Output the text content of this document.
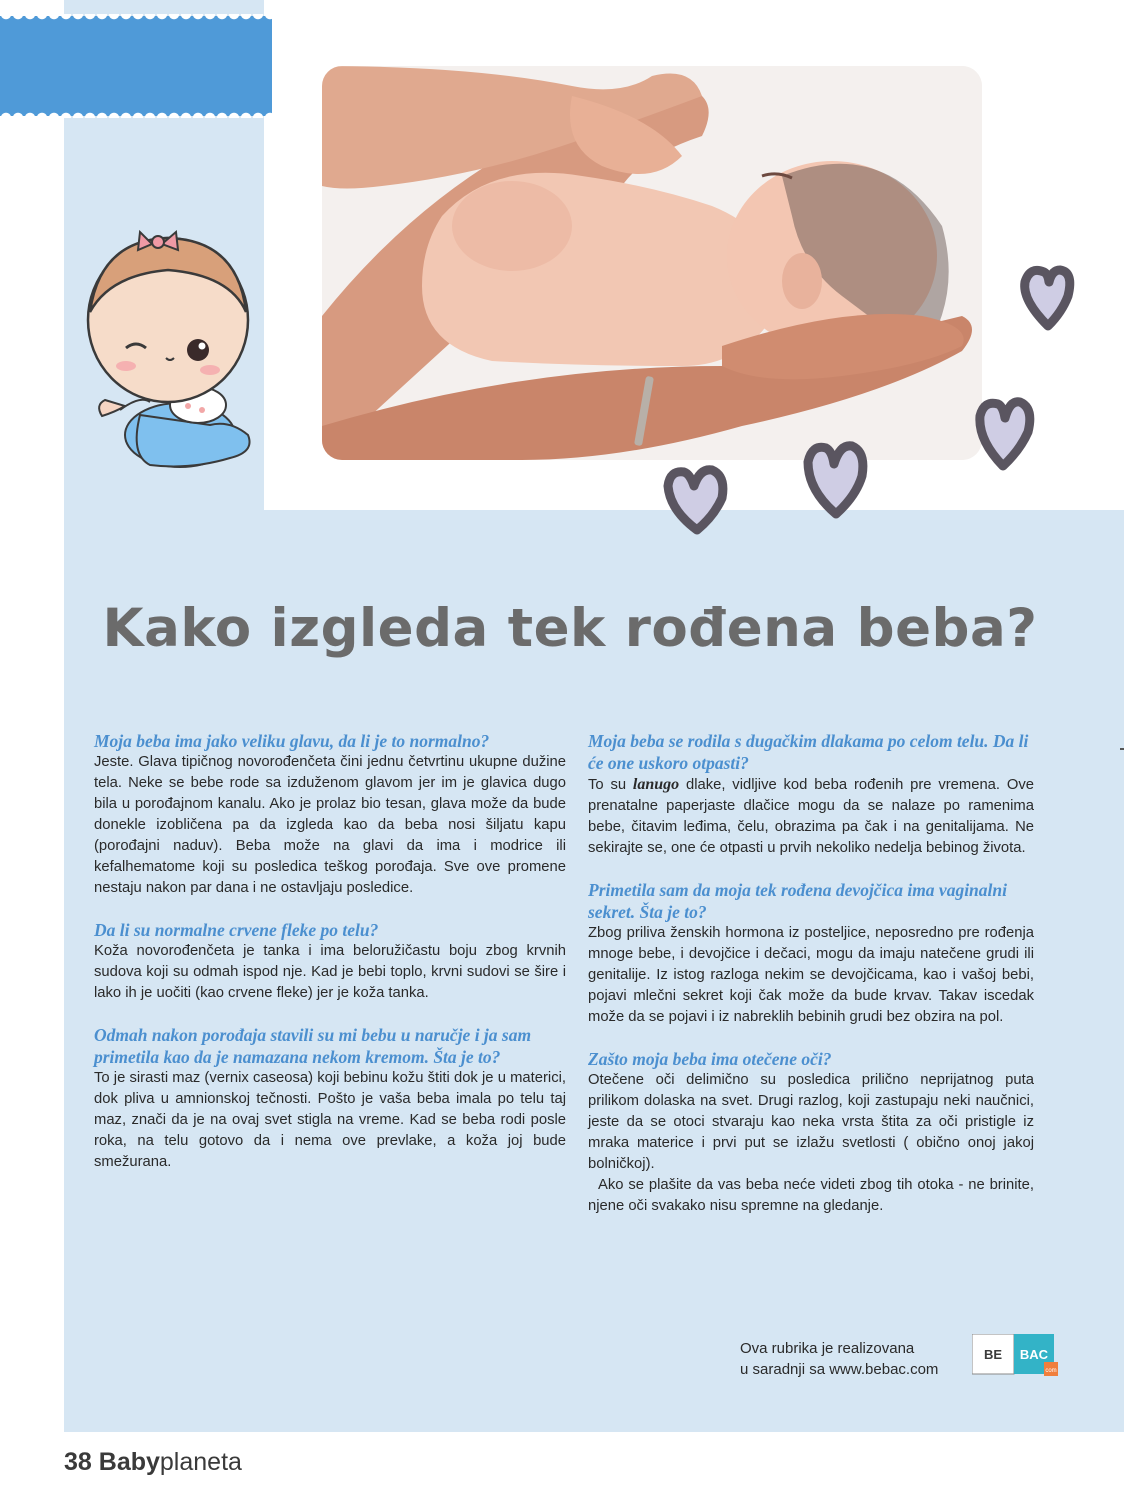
moj drugar
Bebac
Kako izgleda tek rođena beba?

Moja beba ima jako veliku glavu, da li je to normalno?

Jeste. Glava tipičnog novorođenčeta čini jednu četvrtinu ukupne dužine tela. Neke se bebe rode sa izduženom glavom jer im je glavica dugo bila u porođajnom kanalu. Ako je prolaz bio tesan, glava može da bude donekle izobličena pa da izgleda kao da beba nosi šiljatu kapu (porođajni naduv). Beba može na glavi da ima i modrice ili kefalhematome koji su posledica teškog porođaja. Sve ove promene nestaju nakon par dana i ne ostavljaju posledice.

Da li su normalne crvene fleke po telu?

Koža novorođenčeta je tanka i ima beloružičastu boju zbog krvnih sudova koji su odmah ispod nje. Kad je bebi toplo, krvni sudovi se šire i lako ih je uočiti (kao crvene fleke) jer je koža tanka.

Odmah nakon porođaja stavili su mi bebu u naručje i ja sam primetila kao da je namazana nekom kremom. Šta je to?

To je sirasti maz (vernix caseosa) koji bebinu kožu štiti dok je u materici, dok pliva u amnionskoj tečnosti. Pošto je vaša beba imala po telu taj maz, znači da je na ovaj svet stigla na vreme. Kad se beba rodi posle roka, na telu gotovo da i nema ove prevlake, a koža joj bude smežurana.

Moja beba se rodila s dugačkim dlakama po celom telu. Da li će one uskoro otpasti?

To su lanugo dlake, vidljive kod beba rođenih pre vremena. Ove prenatalne paperjaste dlačice mogu da se nalaze po ramenima bebe, čitavim leđima, čelu, obrazima pa čak i na genitalijama. Ne sekirajte se, one će otpasti u prvih nekoliko nedelja bebinog života.

Primetila sam da moja tek rođena devojčica ima vaginalni sekret. Šta je to?

Zbog priliva ženskih hormona iz posteljice, neposredno pre rođenja mnoge bebe, i devojčice i dečaci, mogu da imaju natečene grudi ili genitalije. Iz istog razloga nekim se devojčicama, kao i vašoj bebi, pojavi mlečni sekret koji čak može da bude krvav. Takav iscedak može da se pojavi i iz nabreklih bebinih grudi bez obzira na pol.

Zašto moja beba ima otečene oči?

Otečene oči delimično su posledica prilično neprijatnog puta prilikom dolaska na svet. Drugi razlog, koji zastupaju neki naučnici, jeste da se otoci stvaraju kao neka vrsta štita za oči pristigle iz mraka materice i prvi put se izlažu svetlosti ( obično onoj jakoj bolničkoj).

Ako se plašite da vas beba neće videti zbog tih otoka - ne brinite, njene oči svakako nisu spremne na gledanje.

Ova rubrika je realizovana
u saradnji sa www.bebac.com
BE BAC
com
38 Babyplaneta
